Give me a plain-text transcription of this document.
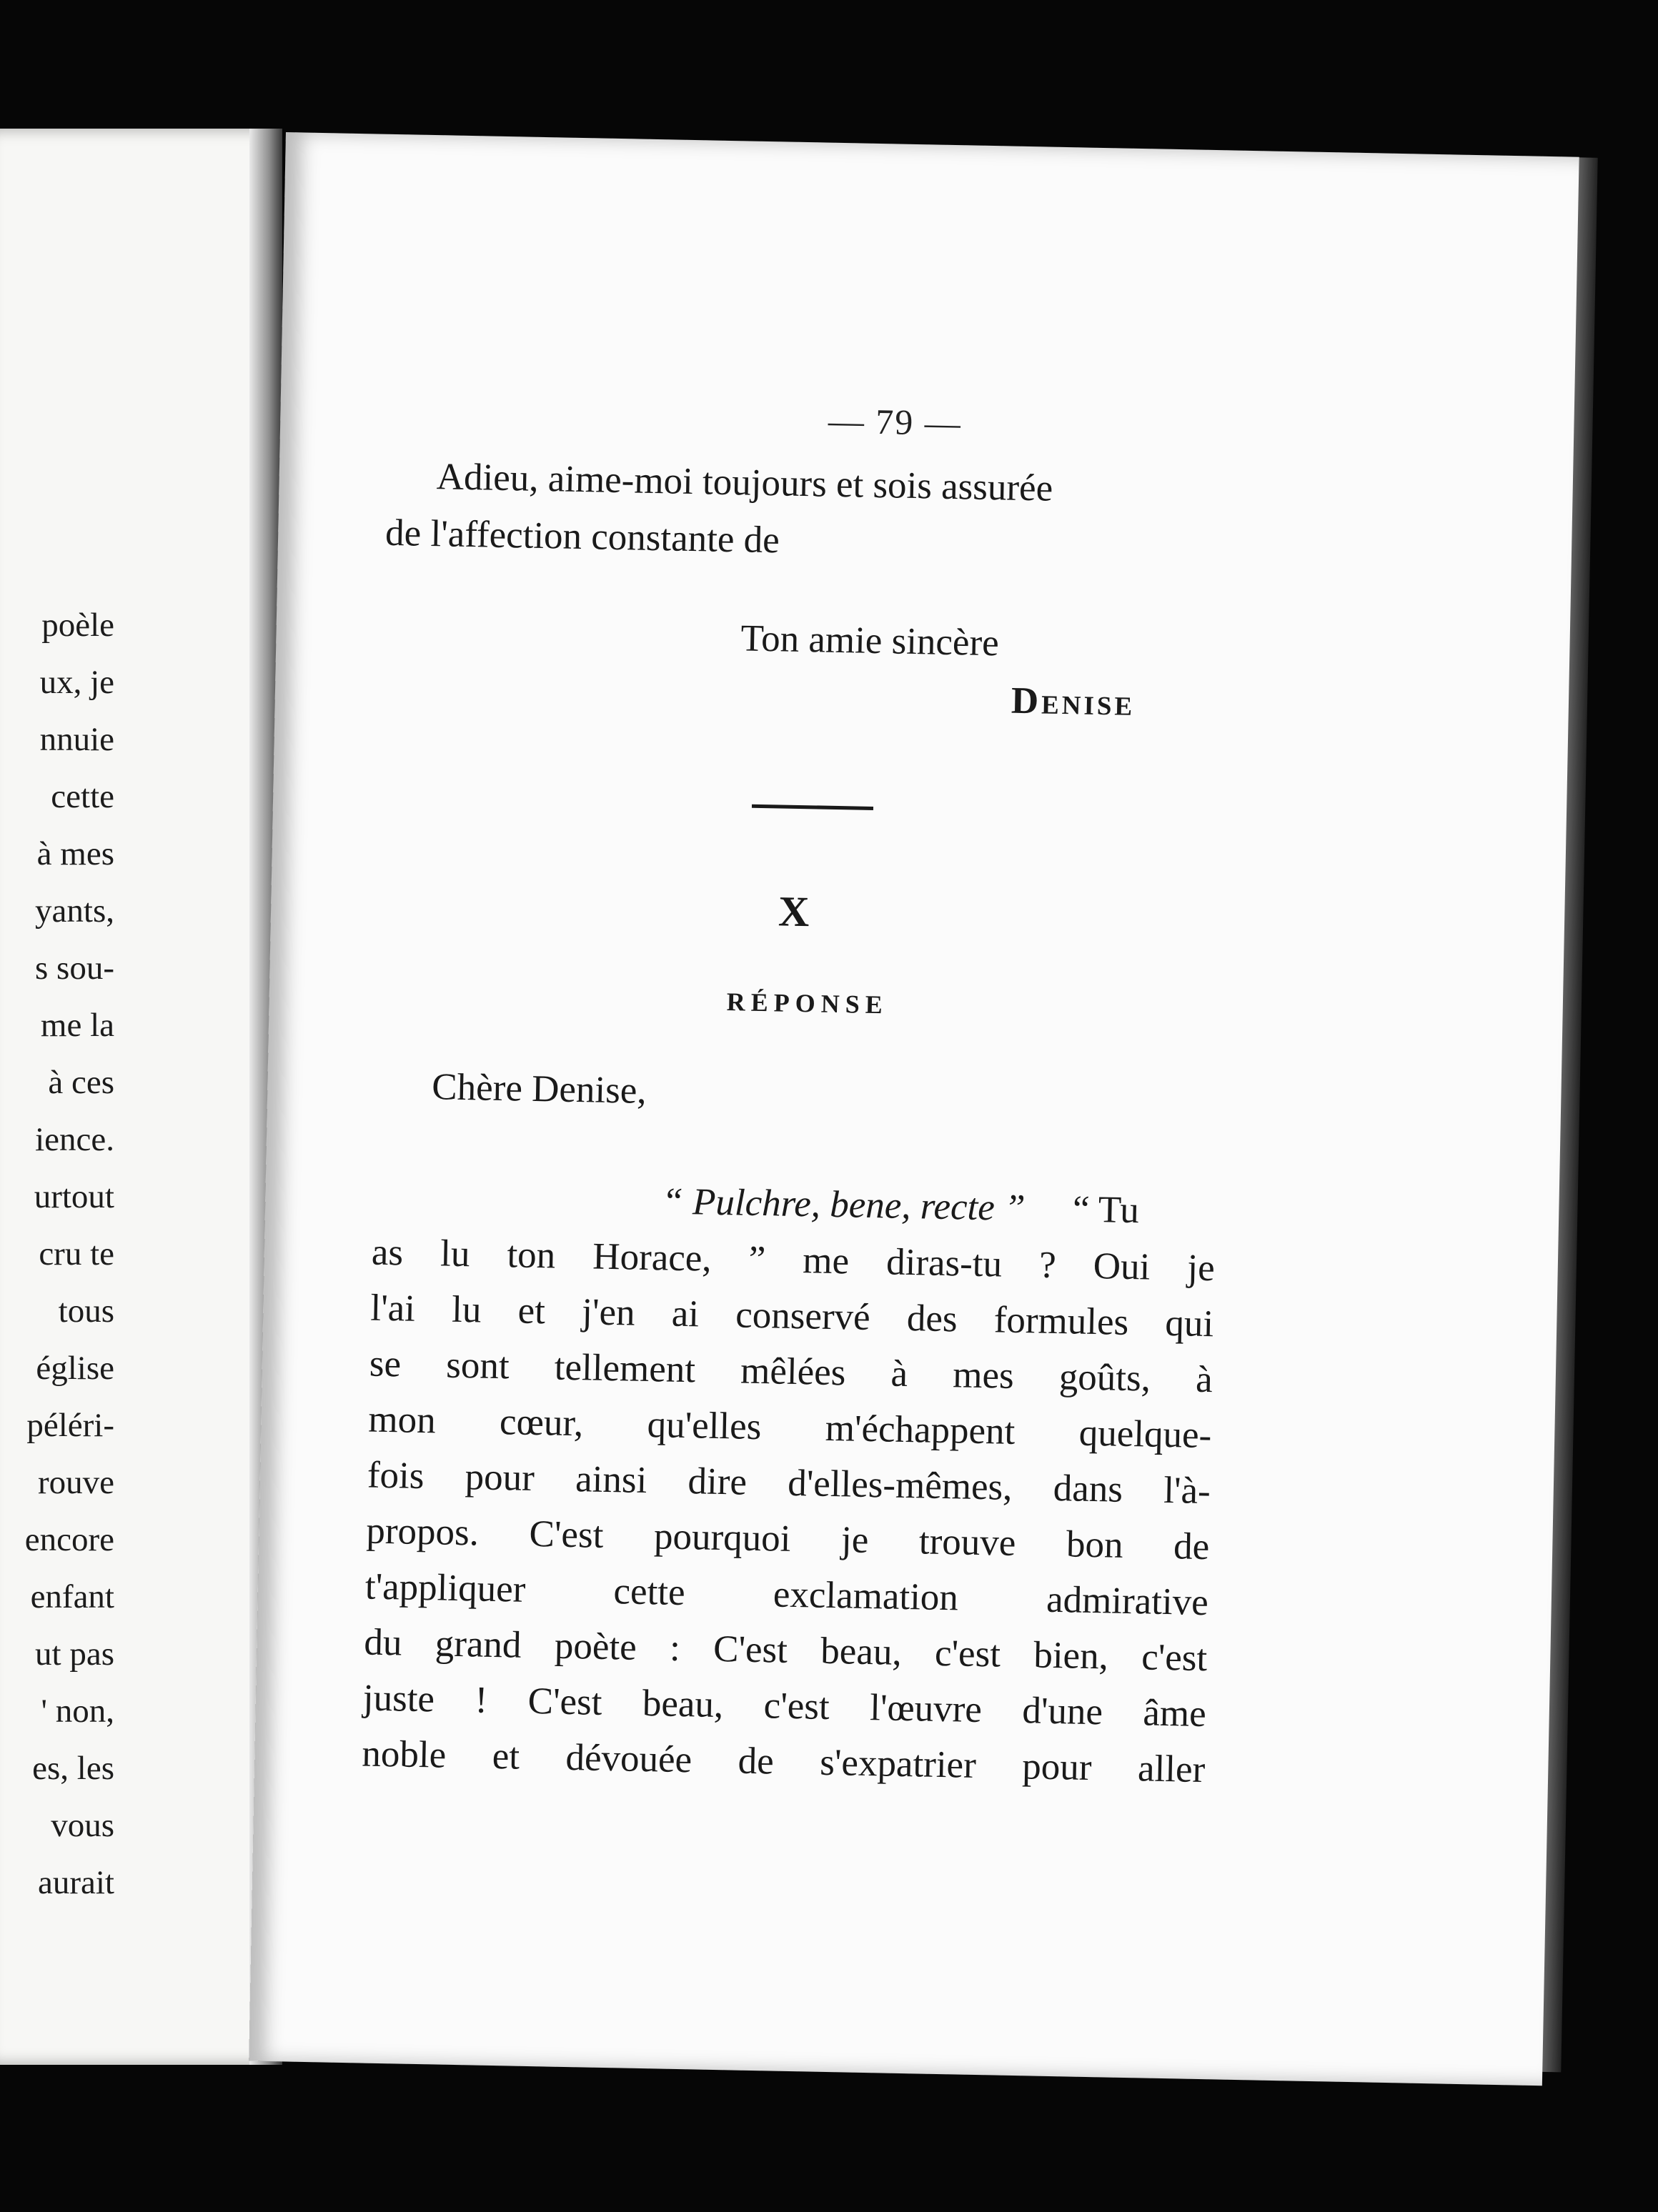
poèle
ux, je
nnuie
cette
à mes
yants,
s sou-
me la
à ces
ience.
urtout
cru te
tous
église
péléri-
rouve
encore
enfant
ut pas
' non,
es, les
vous
aurait
— 79 —
Adieu, aime-moi toujours et sois assurée
de l'affection constante de
Ton amie sincère
Denise
X
RÉPONSE
Chère Denise,
“ Pulchre, bene, recte ” “ Tu
as lu ton Horace, ” me diras-tu ? Oui je
l'ai lu et j'en ai conservé des formules qui
se sont tellement mêlées à mes goûts, à
mon cœur, qu'elles m'échappent quelque-
fois pour ainsi dire d'elles-mêmes, dans l'à-
propos. C'est pourquoi je trouve bon de
t'appliquer cette exclamation admirative
du grand poète : C'est beau, c'est bien, c'est
juste ! C'est beau, c'est l'œuvre d'une âme
noble et dévouée de s'expatrier pour aller
